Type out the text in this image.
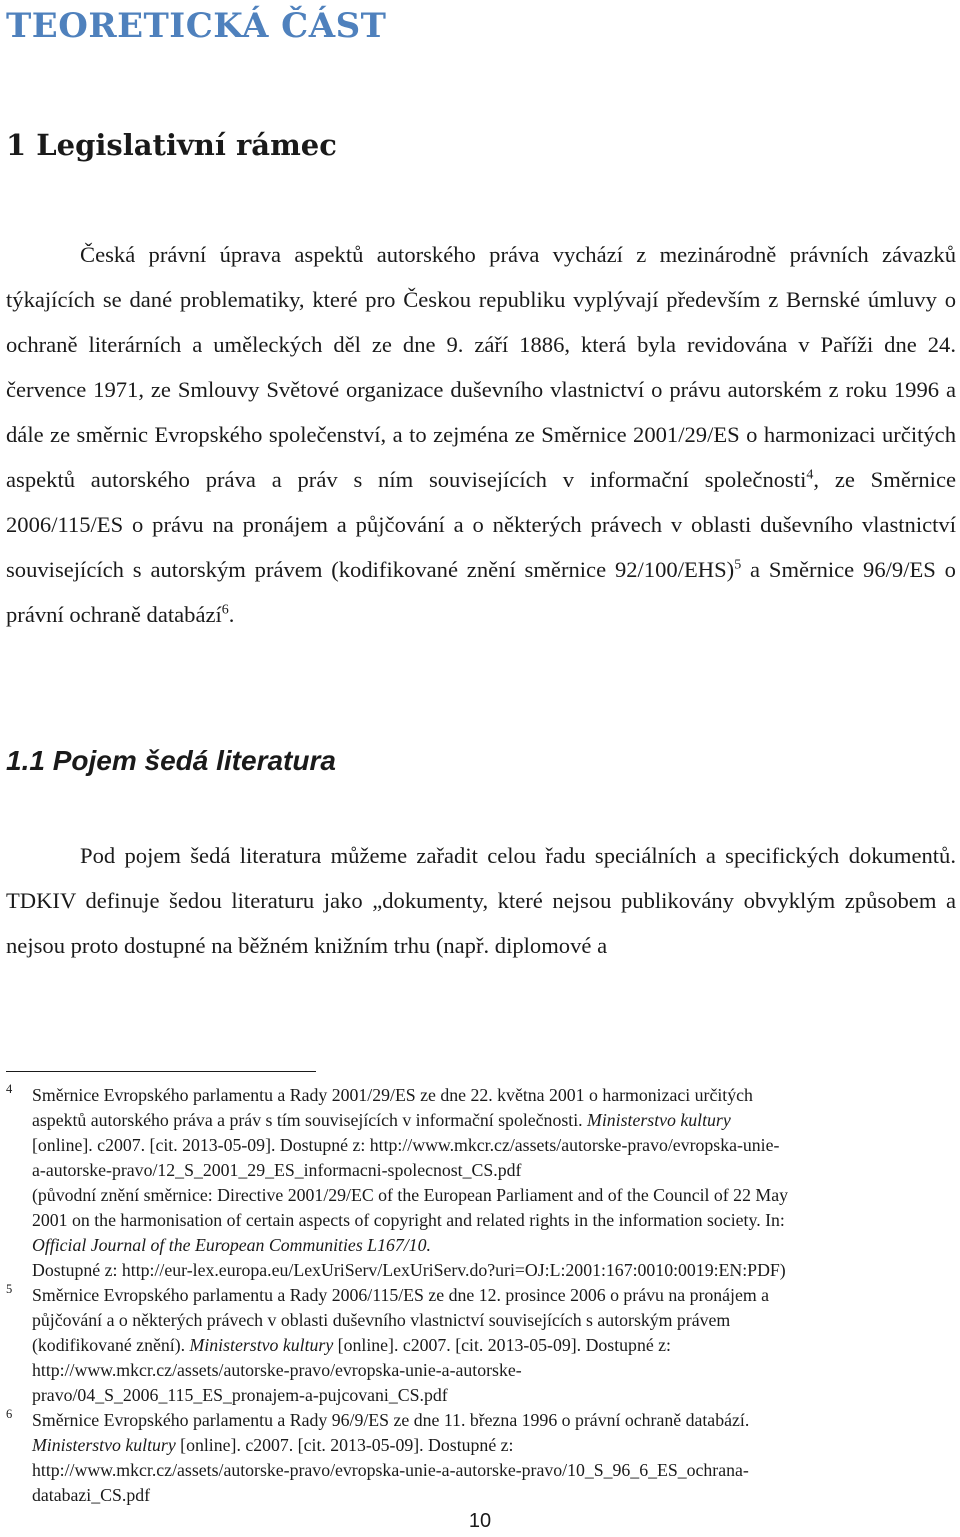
TEORETICKÁ ČÁST
1 Legislativní rámec

Česká právní úprava aspektů autorského práva vychází z mezinárodně právních závazků týkajících se dané problematiky, které pro Českou republiku vyplývají především z Bernské úmluvy o ochraně literárních a uměleckých děl ze dne 9. září 1886, která byla revidována v Paříži dne 24. července 1971, ze Smlouvy Světové organizace duševního vlastnictví o právu autorském z roku 1996 a dále ze směrnic Evropského společenství, a to zejména ze Směrnice 2001/29/ES o harmonizaci určitých aspektů autorského práva a práv s ním souvisejících v informační společnosti$^4$, ze Směrnice 2006/115/ES o právu na pronájem a půjčování a o některých právech v oblasti duševního vlastnictví souvisejících s autorským právem (kodifikované znění směrnice 92/100/EHS)$^5$ a Směrnice 96/9/ES o právní ochraně databází$^6$.

1.1 Pojem šedá literatura

Pod pojem šedá literatura můžeme zařadit celou řadu speciálních a specifických dokumentů. TDKIV definuje šedou literaturu jako „dokumenty, které nejsou publikovány obvyklým způsobem a nejsou proto dostupné na běžném knižním trhu (např. diplomové a

4 Směrnice Evropského parlamentu a Rady 2001/29/ES ze dne 22. května 2001 o harmonizaci určitých
aspektů autorského práva a práv s tím souvisejících v informační společnosti. Ministerstvo kultury
[online]. c2007. [cit. 2013-05-09]. Dostupné z: http://www.mkcr.cz/assets/autorske-pravo/evropska-unie-
a-autorske-pravo/12_S_2001_29_ES_informacni-spolecnost_CS.pdf
(původní znění směrnice: Directive 2001/29/EC of the European Parliament and of the Council of 22 May
2001 on the harmonisation of certain aspects of copyright and related rights in the information society. In:
Official Journal of the European Communities L167/10.
Dostupné z: http://eur-lex.europa.eu/LexUriServ/LexUriServ.do?uri=OJ:L:2001:167:0010:0019:EN:PDF)
5 Směrnice Evropského parlamentu a Rady 2006/115/ES ze dne 12. prosince 2006 o právu na pronájem a
půjčování a o některých právech v oblasti duševního vlastnictví souvisejících s autorským právem
(kodifikované znění). Ministerstvo kultury [online]. c2007. [cit. 2013-05-09]. Dostupné z:
http://www.mkcr.cz/assets/autorske-pravo/evropska-unie-a-autorske-
pravo/04_S_2006_115_ES_pronajem-a-pujcovani_CS.pdf
6 Směrnice Evropského parlamentu a Rady 96/9/ES ze dne 11. března 1996 o právní ochraně databází.
Ministerstvo kultury [online]. c2007. [cit. 2013-05-09]. Dostupné z:
http://www.mkcr.cz/assets/autorske-pravo/evropska-unie-a-autorske-pravo/10_S_96_6_ES_ochrana-
databazi_CS.pdf
10
